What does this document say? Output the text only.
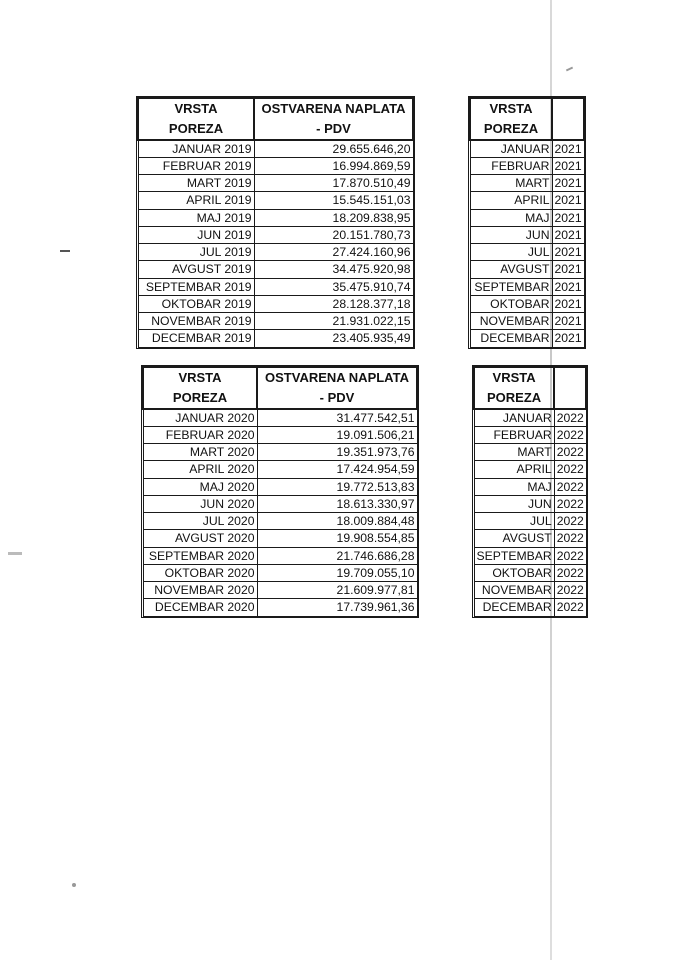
VRSTA
POREZA	OSTVARENA NAPLATA
- PDV
JANUAR 2019	29.655.646,20
FEBRUAR 2019	16.994.869,59
MART 2019	17.870.510,49
APRIL 2019	15.545.151,03
MAJ 2019	18.209.838,95
JUN 2019	20.151.780,73
JUL 2019	27.424.160,96
AVGUST 2019	34.475.920,98
SEPTEMBAR 2019	35.475.910,74
OKTOBAR 2019	28.128.377,18
NOVEMBAR 2019	21.931.022,15
DECEMBAR 2019	23.405.935,49
VRSTA
POREZA	OSTVARENA NAPLATA
- PDV
JANUAR 2020	31.477.542,51
FEBRUAR 2020	19.091.506,21
MART 2020	19.351.973,76
APRIL 2020	17.424.954,59
MAJ 2020	19.772.513,83
JUN 2020	18.613.330,97
JUL 2020	18.009.884,48
AVGUST 2020	19.908.554,85
SEPTEMBAR 2020	21.746.686,28
OKTOBAR 2020	19.709.055,10
NOVEMBAR 2020	21.609.977,81
DECEMBAR 2020	17.739.961,36
VRSTA
POREZA	
JANUAR	2021
FEBRUAR	2021
MART	2021
APRIL	2021
MAJ	2021
JUN	2021
JUL	2021
AVGUST	2021
SEPTEMBAR	2021
OKTOBAR	2021
NOVEMBAR	2021
DECEMBAR	2021
VRSTA
POREZA	
JANUAR	2022
FEBRUAR	2022
MART	2022
APRIL	2022
MAJ	2022
JUN	2022
JUL	2022
AVGUST	2022
SEPTEMBAR	2022
OKTOBAR	2022
NOVEMBAR	2022
DECEMBAR	2022
